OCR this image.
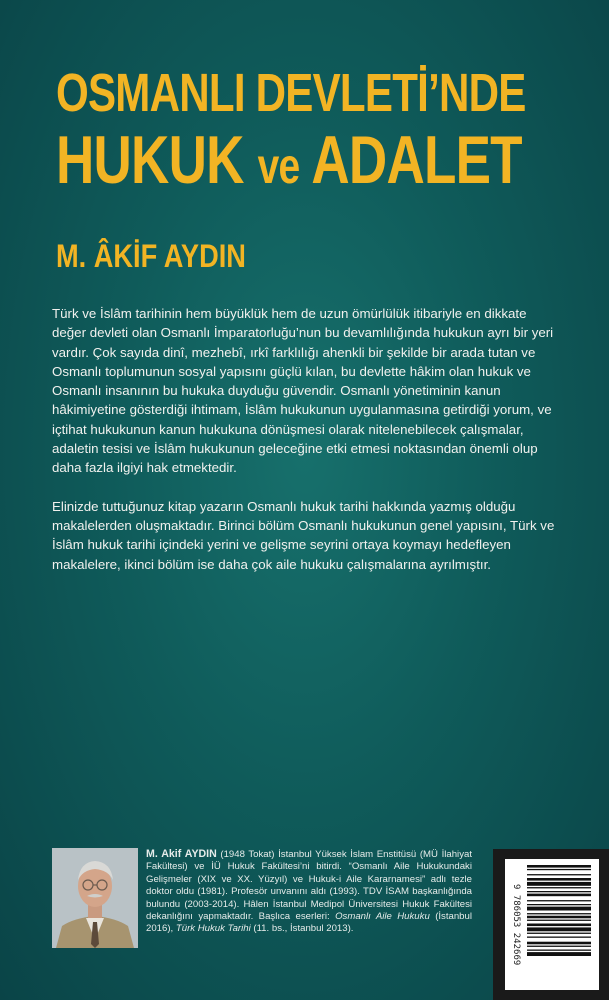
OSMANLI DEVLETİ’NDE
HUKUK ve ADALET
M. ÂKİF AYDIN

Türk ve İslâm tarihinin hem büyüklük hem de uzun ömürlülük itibariyle en dikkate değer devleti olan Osmanlı İmparatorluğu’nun bu devamlılığında hukukun ayrı bir yeri vardır. Çok sayıda dinî, mezhebî, ırkî farklılığı ahenkli bir şekilde bir arada tutan ve Osmanlı toplumunun sosyal yapısını güçlü kılan, bu devlette hâkim olan hukuk ve Osmanlı insanının bu hukuka duyduğu güvendir. Osmanlı yönetiminin kanun hâkimiyetine gösterdiği ihtimam, İslâm hukukunun uygulanmasına getirdiği yorum, ve içtihat hukukunun kanun hukukuna dönüşmesi olarak nitelenebilecek çalışmalar, adaletin tesisi ve İslâm hukukunun geleceğine etki etmesi noktasından önemli olup daha fazla ilgiyi hak etmektedir.

Elinizde tuttuğunuz kitap yazarın Osmanlı hukuk tarihi hakkında yazmış olduğu makalelerden oluşmaktadır. Birinci bölüm Osmanlı hukukunun genel yapısını, Türk ve İslâm hukuk tarihi içindeki yerini ve gelişme seyrini ortaya koymayı hedefleyen makalelere, ikinci bölüm ise daha çok aile hukuku çalışmalarına ayrılmıştır.

M. Akif AYDIN (1948 Tokat) İstanbul Yüksek İslam Enstitüsü (MÜ İlahiyat Fakültesi) ve İÜ Hukuk Fakültesi’ni bitirdi. “Osmanlı Aile Hukukundaki Gelişmeler (XIX ve XX. Yüzyıl) ve Hukuk-i Aile Kararnamesi” adlı tezle doktor oldu (1981). Profesör unvanını aldı (1993). TDV İSAM başkanlığında bulundu (2003-2014). Hâlen İstanbul Medipol Üniversitesi Hukuk Fakültesi dekanlığını yapmaktadır. Başlıca eserleri: Osmanlı Aile Hukuku (İstanbul 2016), Türk Hukuk Tarihi (11. bs., İstanbul 2013).	9 786053 242669
